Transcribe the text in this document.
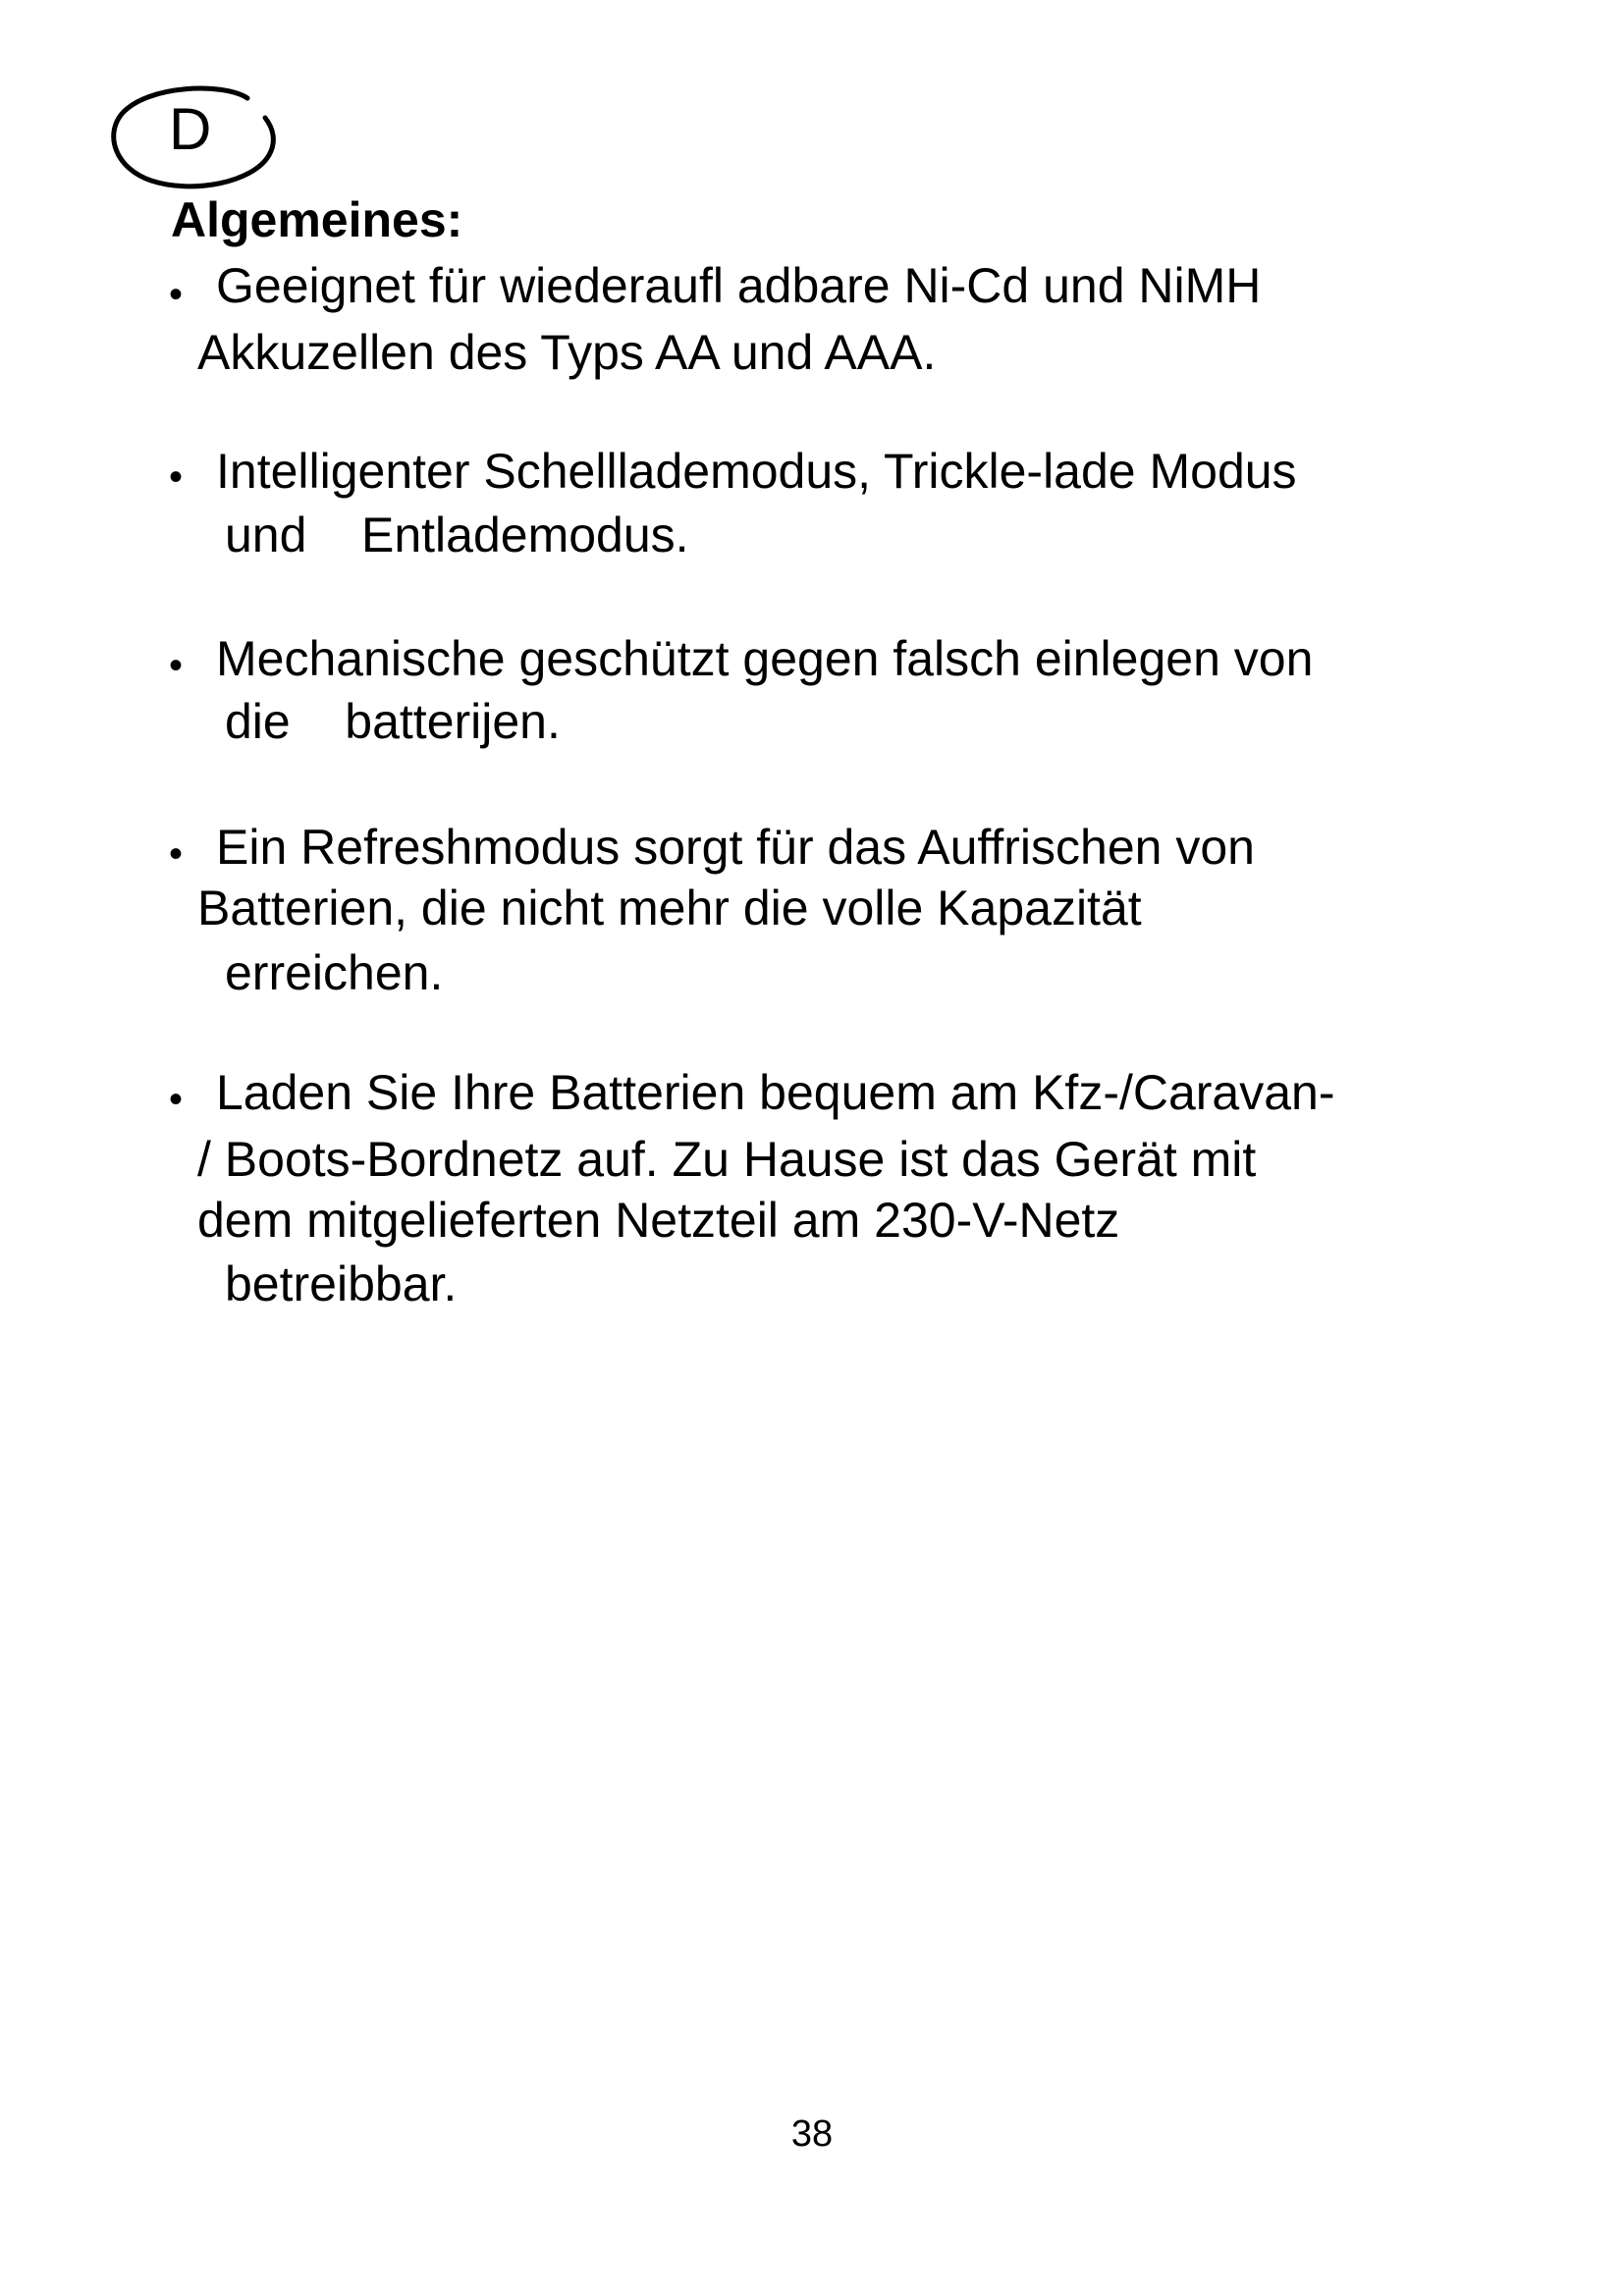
D
Algemeines:
• Geeignet für wiederaufl adbare Ni-Cd und NiMH
Akkuzellen des Typs AA und AAA.
• Intelligenter Schelllademodus, Trickle-lade Modus
und    Entlademodus.
• Mechanische geschützt gegen falsch einlegen von
die    batterijen.
• Ein Refreshmodus sorgt für das Auffrischen von
Batterien, die nicht mehr die volle Kapazität
erreichen.
• Laden Sie Ihre Batterien bequem am Kfz-/Caravan-
/ Boots-Bordnetz auf. Zu Hause ist das Gerät mit
dem mitgelieferten Netzteil am 230-V-Netz
betreibbar.
38
